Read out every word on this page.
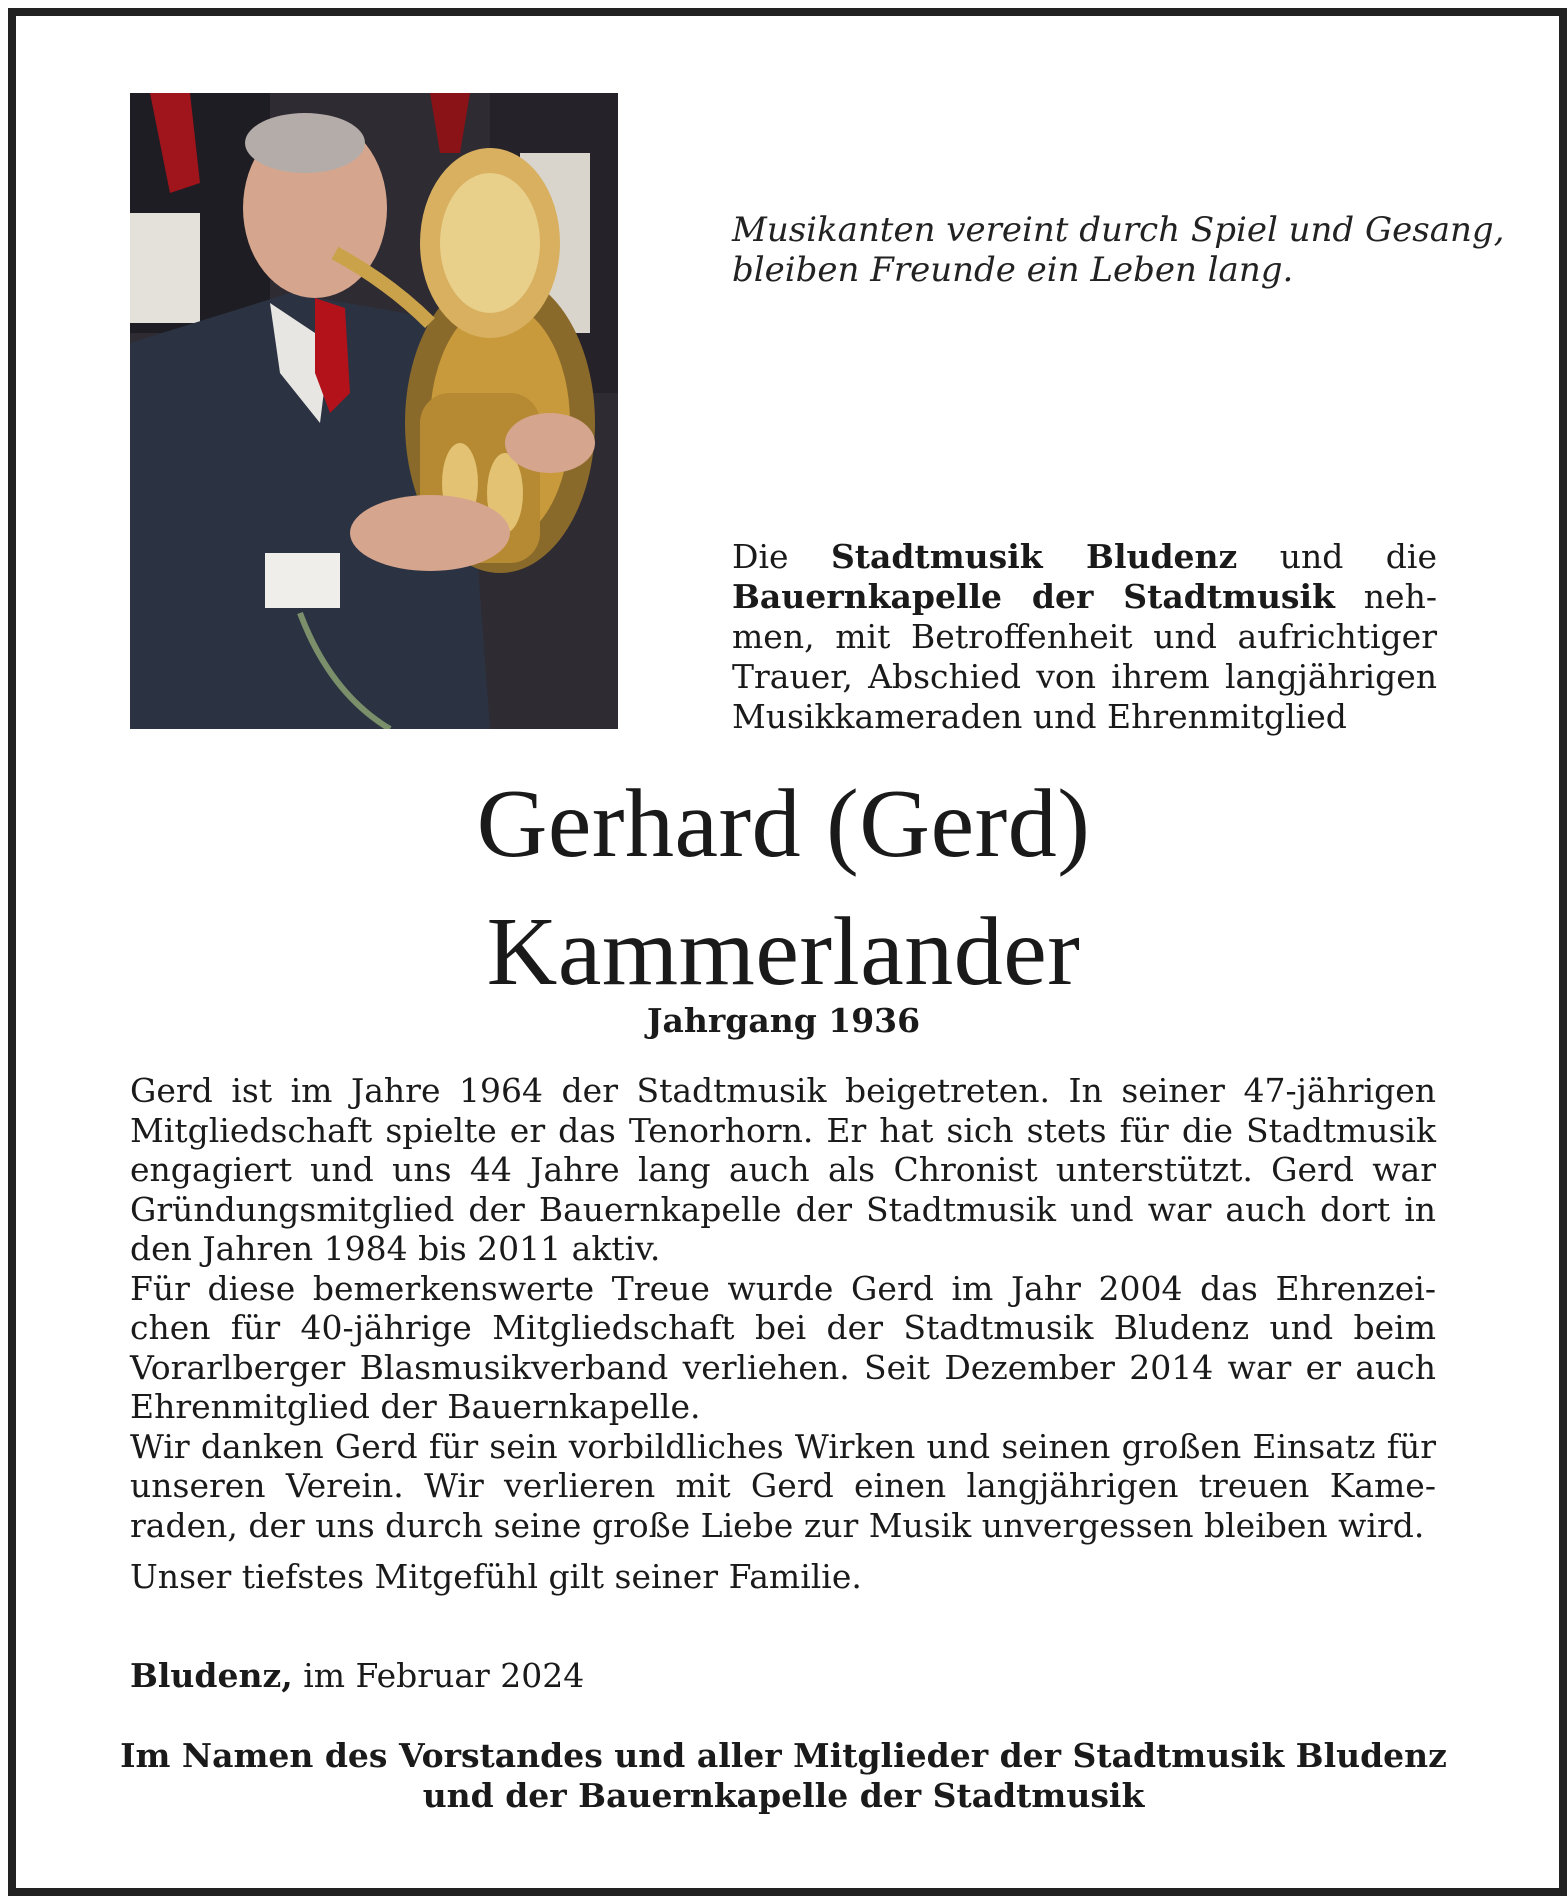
Musikanten vereint durch Spiel und Gesang,
bleiben Freunde ein Leben lang.
Die Stadtmusik Bludenz und die Bauernkapelle der Stadtmusik neh- men, mit Betroffenheit und aufrichtiger Trauer, Abschied von ihrem langjährigen Musikkameraden und Ehrenmitglied
Gerhard (Gerd)
Kammerlander
Jahrgang 1936

Gerd ist im Jahre 1964 der Stadtmusik beigetreten. In seiner 47-jährigen Mitgliedschaft spielte er das Tenorhorn. Er hat sich stets für die Stadtmusik engagiert und uns 44 Jahre lang auch als Chronist unterstützt. Gerd war Gründungsmitglied der Bauernkapelle der Stadtmusik und war auch dort in den Jahren 1984 bis 2011 aktiv.

Für diese bemerkenswerte Treue wurde Gerd im Jahr 2004 das Ehrenzei- chen für 40-jährige Mitgliedschaft bei der Stadtmusik Bludenz und beim Vorarlberger Blasmusikverband verliehen. Seit Dezember 2014 war er auch Ehrenmitglied der Bauernkapelle.

Wir danken Gerd für sein vorbildliches Wirken und seinen großen Einsatz für unseren Verein. Wir verlieren mit Gerd einen langjährigen treuen Kame- raden, der uns durch seine große Liebe zur Musik unvergessen bleiben wird.

Unser tiefstes Mitgefühl gilt seiner Familie.

Bludenz, im Februar 2024
Im Namen des Vorstandes und aller Mitglieder der Stadtmusik Bludenz
und der Bauernkapelle der Stadtmusik
